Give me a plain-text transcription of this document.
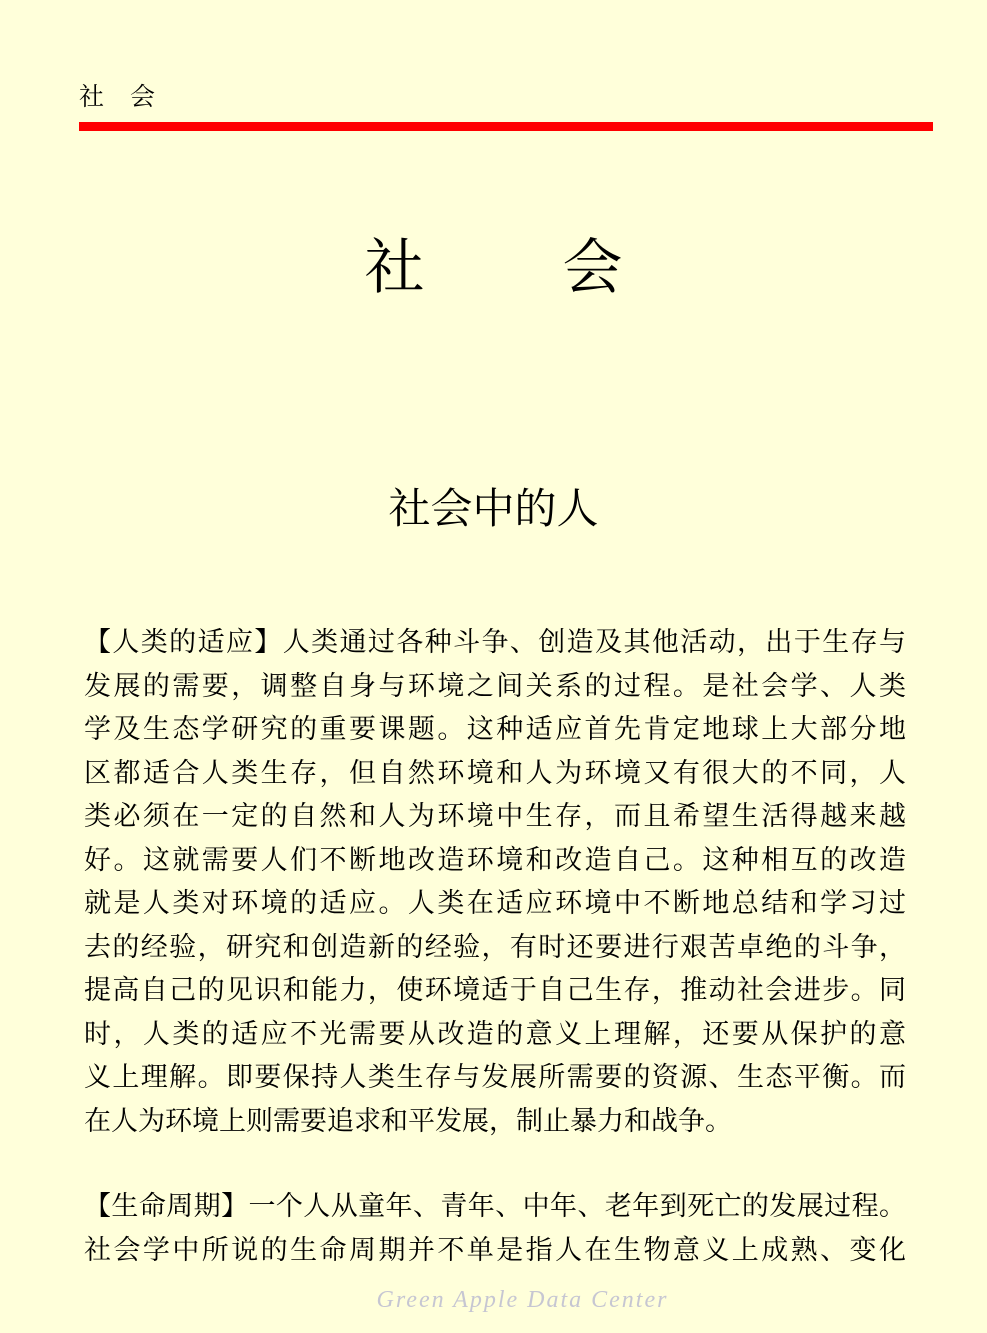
社 会
社 会
社会中的人
【人类的适应】人类通过各种斗争、创造及其他活动，出于生存与
发展的需要，调整自身与环境之间关系的过程。是社会学、人类
学及生态学研究的重要课题。这种适应首先肯定地球上大部分地
区都适合人类生存，但自然环境和人为环境又有很大的不同，人
类必须在一定的自然和人为环境中生存，而且希望生活得越来越
好。这就需要人们不断地改造环境和改造自己。这种相互的改造
就是人类对环境的适应。人类在适应环境中不断地总结和学习过
去的经验，研究和创造新的经验，有时还要进行艰苦卓绝的斗争，
提高自己的见识和能力，使环境适于自己生存，推动社会进步。同
时，人类的适应不光需要从改造的意义上理解，还要从保护的意
义上理解。即要保持人类生存与发展所需要的资源、生态平衡。而
在人为环境上则需要追求和平发展，制止暴力和战争。
【生命周期】一个人从童年、青年、中年、老年到死亡的发展过程。
社会学中所说的生命周期并不单是指人在生物意义上成熟、变化
Green Apple Data Center
